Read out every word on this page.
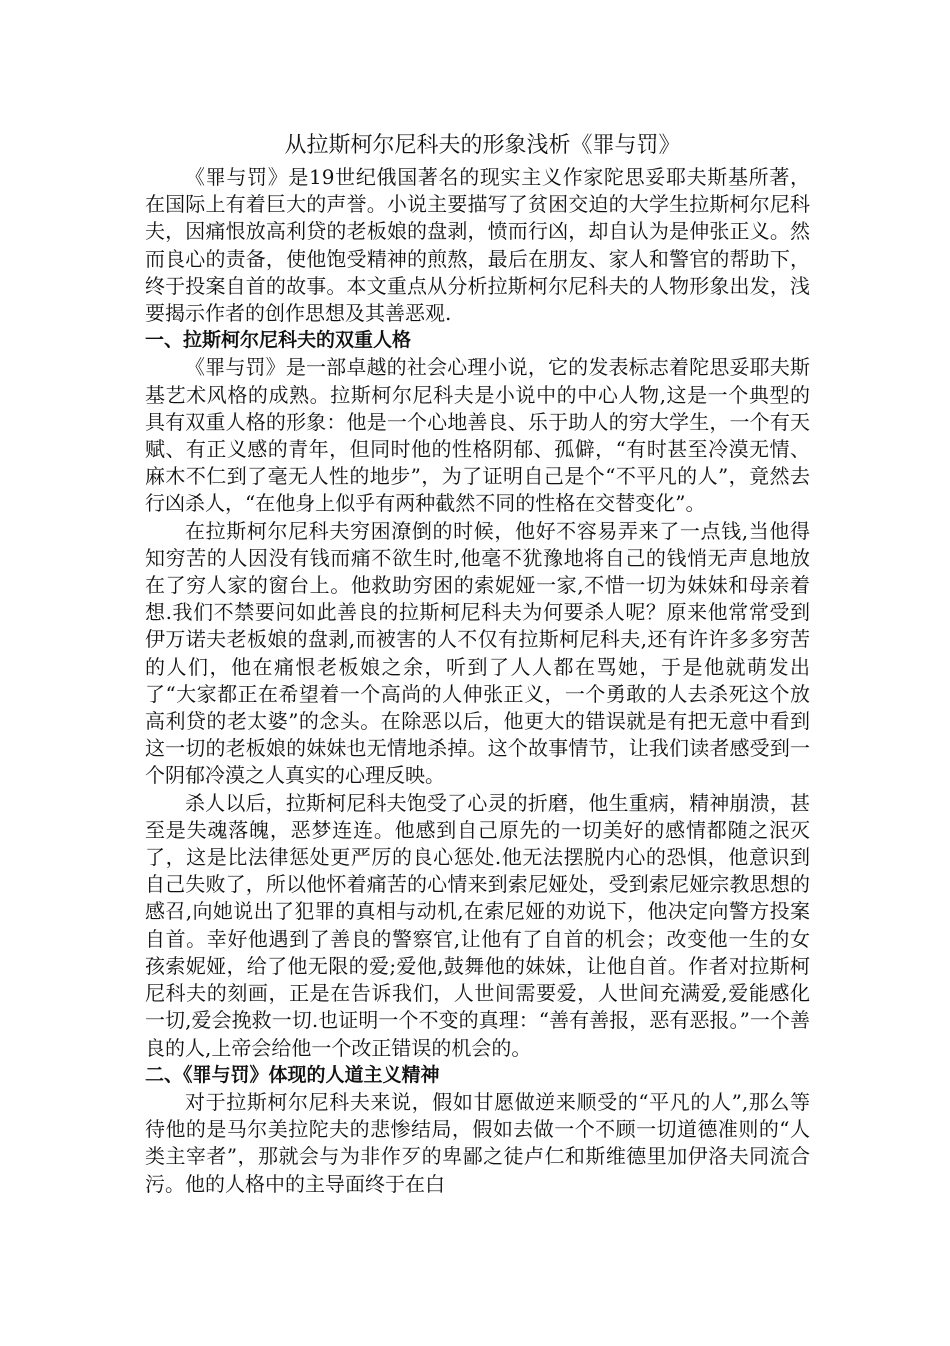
从拉斯柯尔尼科夫的形象浅析《罪与罚》

《罪与罚》是19世纪俄国著名的现实主义作家陀思妥耶夫斯基所著，在国际上有着巨大的声誉。小说主要描写了贫困交迫的大学生拉斯柯尔尼科夫，因痛恨放高利贷的老板娘的盘剥，愤而行凶，却自认为是伸张正义。然而良心的责备，使他饱受精神的煎熬，最后在朋友、家人和警官的帮助下，终于投案自首的故事。本文重点从分析拉斯柯尔尼科夫的人物形象出发，浅要揭示作者的创作思想及其善恶观.

一、拉斯柯尔尼科夫的双重人格

《罪与罚》是一部卓越的社会心理小说，它的发表标志着陀思妥耶夫斯基艺术风格的成熟。拉斯柯尔尼科夫是小说中的中心人物,这是一个典型的具有双重人格的形象：他是一个心地善良、乐于助人的穷大学生，一个有天赋、有正义感的青年，但同时他的性格阴郁、孤僻，“有时甚至冷漠无情、麻木不仁到了毫无人性的地步”，为了证明自己是个“不平凡的人”，竟然去行凶杀人，“在他身上似乎有两种截然不同的性格在交替变化”。

在拉斯柯尔尼科夫穷困潦倒的时候，他好不容易弄来了一点钱,当他得知穷苦的人因没有钱而痛不欲生时,他毫不犹豫地将自己的钱悄无声息地放在了穷人家的窗台上。他救助穷困的索妮娅一家,不惜一切为妹妹和母亲着想.我们不禁要问如此善良的拉斯柯尼科夫为何要杀人呢？原来他常常受到伊万诺夫老板娘的盘剥,而被害的人不仅有拉斯柯尼科夫,还有许许多多穷苦的人们，他在痛恨老板娘之余，听到了人人都在骂她，于是他就萌发出了“大家都正在希望着一个高尚的人伸张正义，一个勇敢的人去杀死这个放高利贷的老太婆”的念头。在除恶以后，他更大的错误就是有把无意中看到这一切的老板娘的妹妹也无情地杀掉。这个故事情节，让我们读者感受到一个阴郁冷漠之人真实的心理反映。

杀人以后，拉斯柯尼科夫饱受了心灵的折磨，他生重病，精神崩溃，甚至是失魂落魄，恶梦连连。他感到自己原先的一切美好的感情都随之泯灭了，这是比法律惩处更严厉的良心惩处.他无法摆脱内心的恐惧，他意识到自己失败了，所以他怀着痛苦的心情来到索尼娅处，受到索尼娅宗教思想的感召,向她说出了犯罪的真相与动机,在索尼娅的劝说下，他决定向警方投案自首。幸好他遇到了善良的警察官,让他有了自首的机会；改变他一生的女孩索妮娅，给了他无限的爱;爱他,鼓舞他的妹妹，让他自首。作者对拉斯柯尼科夫的刻画，正是在告诉我们，人世间需要爱，人世间充满爱,爱能感化一切,爱会挽救一切.也证明一个不变的真理：“善有善报，恶有恶报。”一个善良的人,上帝会给他一个改正错误的机会的。

二、《罪与罚》体现的人道主义精神

对于拉斯柯尔尼科夫来说，假如甘愿做逆来顺受的“平凡的人”,那么等待他的是马尔美拉陀夫的悲惨结局，假如去做一个不顾一切道德准则的“人类主宰者”，那就会与为非作歹的卑鄙之徒卢仁和斯维德里加伊洛夫同流合污。他的人格中的主导面终于在白
